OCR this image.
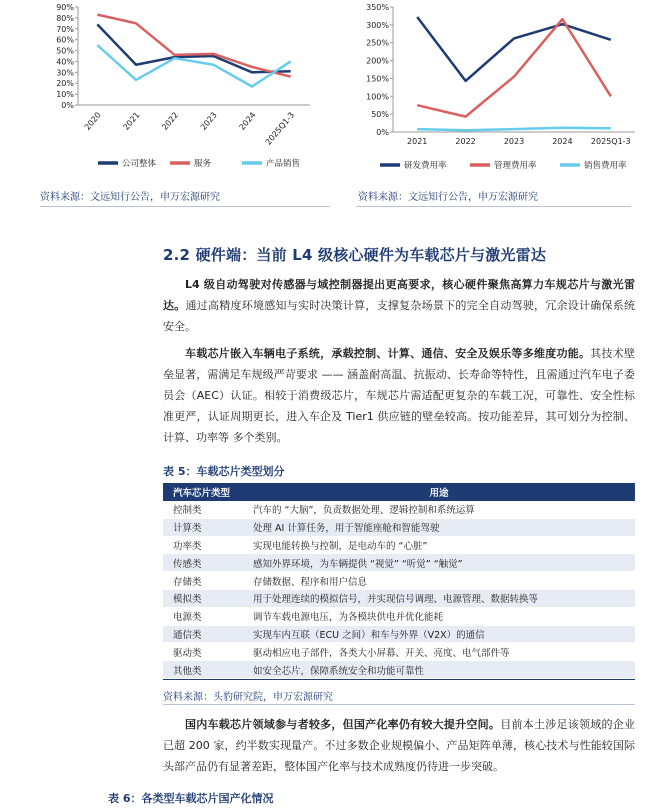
0%
10%
20%
30%
40%
50%
60%
70%
80%
90%
2020 2021 2022 2023 2024 2025Q1-3
公司整体	服务	产品销售
0%
50%
100%
150%
200%
250%
300%
350%
2021	2022	2023	2024 2025Q1-3
研发费用率	管理费用率	销售费用率
资料来源：文远知行公告，申万宏源研究	资料来源：文远知行公告，申万宏源研究
2.2 硬件端：当前 L4 级核心硬件为车载芯片与激光雷达
L4 级自动驾驶对传感器与域控制器提出更高要求，核心硬件聚焦高算力车规芯片与激光雷达。通过高精度环境感知与实时决策计算，支撑复杂场景下的完全自动驾驶，冗余设计确保系统安全。
车载芯片嵌入车辆电子系统，承载控制、计算、通信、安全及娱乐等多维度功能。其技术壁垒显著，需满足车规级严苛要求 —— 涵盖耐高温、抗振动、长寿命等特性，且需通过汽车电子委员会（AEC）认证。相较于消费级芯片，车规芯片需适配更复杂的车载工况，可靠性、安全性标准更严，认证周期更长，进入车企及 Tier1 供应链的壁垒较高。按功能差异，其可划分为控制、计算、功率等 多个类别。
表 5：车载芯片类型划分
汽车芯片类型	用途
控制类	汽车的 “大脑”，负责数据处理、逻辑控制和系统运算
计算类	处理 AI 计算任务，用于智能座舱和智能驾驶
功率类	实现电能转换与控制，是电动车的 “心脏”
传感类	感知外界环境，为车辆提供 “视觉” “听觉” “触觉”
存储类	存储数据、程序和用户信息
模拟类	用于处理连续的模拟信号，并实现信号调理、电源管理、数据转换等
电源类	调节车载电源电压，为各模块供电并优化能耗
通信类	实现车内互联（ECU 之间）和车与外界（V2X）的通信
驱动类	驱动相应电子部件，各类大小屏幕、开关、亮度、电气部件等
其他类	如安全芯片，保障系统安全和功能可靠性
资料来源：头豹研究院，申万宏源研究
国内车载芯片领域参与者较多，但国产化率仍有较大提升空间。目前本土涉足该领域的企业已超 200 家，约半数实现量产。不过多数企业规模偏小、产品矩阵单薄，核心技术与性能较国际头部产品仍有显著差距，整体国产化率与技术成熟度仍待进一步突破。
表 6：各类型车载芯片国产化情况
